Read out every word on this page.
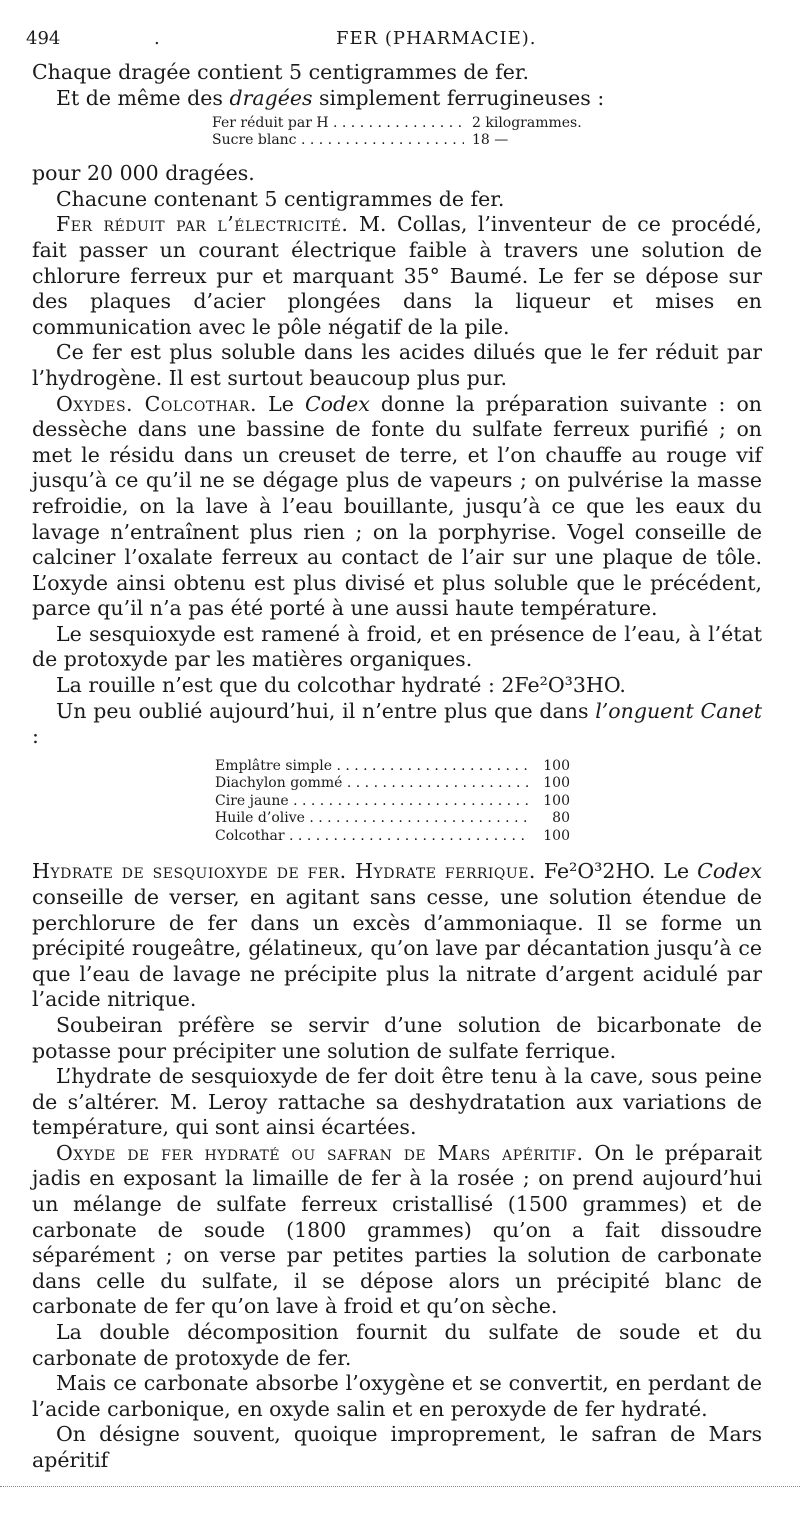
494	.	FER (PHARMACIE).

Chaque dragée contient 5 centigrammes de fer.

Et de même des dragées simplement ferrugineuses :

Fer réduit par H . . .	2 kilogrammes.
Sucre blanc . . .	18 —

pour 20 000 dragées.

Chacune contenant 5 centigrammes de fer.

Fer réduit par l’électricité. M. Collas, l’inventeur de ce procédé, fait passer un courant électrique faible à travers une solution de chlorure ferreux pur et marquant 35° Baumé. Le fer se dépose sur des plaques d’acier plongées dans la liqueur et mises en communication avec le pôle négatif de la pile.

Ce fer est plus soluble dans les acides dilués que le fer réduit par l’hydrogène. Il est surtout beaucoup plus pur.

Oxydes. Colcothar. Le Codex donne la préparation suivante : on dessèche dans une bassine de fonte du sulfate ferreux purifié ; on met le résidu dans un creuset de terre, et l’on chauffe au rouge vif jusqu’à ce qu’il ne se dégage plus de vapeurs ; on pulvérise la masse refroidie, on la lave à l’eau bouillante, jusqu’à ce que les eaux du lavage n’entraînent plus rien ; on la porphyrise. Vogel conseille de calciner l’oxalate ferreux au contact de l’air sur une plaque de tôle. L’oxyde ainsi obtenu est plus divisé et plus soluble que le précédent, parce qu’il n’a pas été porté à une aussi haute température.

Le sesquioxyde est ramené à froid, et en présence de l’eau, à l’état de protoxyde par les matières organiques.

La rouille n’est que du colcothar hydraté : 2Fe²O³3HO.

Un peu oublié aujourd’hui, il n’entre plus que dans l’onguent Canet :

Emplâtre simple . . .	100
Diachylon gommé . . .	100
Cire jaune . . .	100
Huile d’olive . . .	80
Colcothar . . .	100

Hydrate de sesquioxyde de fer. Hydrate ferrique. Fe²O³2HO. Le Codex conseille de verser, en agitant sans cesse, une solution étendue de perchlorure de fer dans un excès d’ammoniaque. Il se forme un précipité rougeâtre, gélatineux, qu’on lave par décantation jusqu’à ce que l’eau de lavage ne précipite plus la nitrate d’argent acidulé par l’acide nitrique.

Soubeiran préfère se servir d’une solution de bicarbonate de potasse pour précipiter une solution de sulfate ferrique.

L’hydrate de sesquioxyde de fer doit être tenu à la cave, sous peine de s’altérer. M. Leroy rattache sa deshydratation aux variations de température, qui sont ainsi écartées.

Oxyde de fer hydraté ou safran de Mars apéritif. On le préparait jadis en exposant la limaille de fer à la rosée ; on prend aujourd’hui un mélange de sulfate ferreux cristallisé (1500 grammes) et de carbonate de soude (1800 grammes) qu’on a fait dissoudre séparément ; on verse par petites parties la solution de carbonate dans celle du sulfate, il se dépose alors un précipité blanc de carbonate de fer qu’on lave à froid et qu’on sèche.

La double décomposition fournit du sulfate de soude et du carbonate de protoxyde de fer.

Mais ce carbonate absorbe l’oxygène et se convertit, en perdant de l’acide carbonique, en oxyde salin et en peroxyde de fer hydraté.

On désigne souvent, quoique improprement, le safran de Mars apéritif
